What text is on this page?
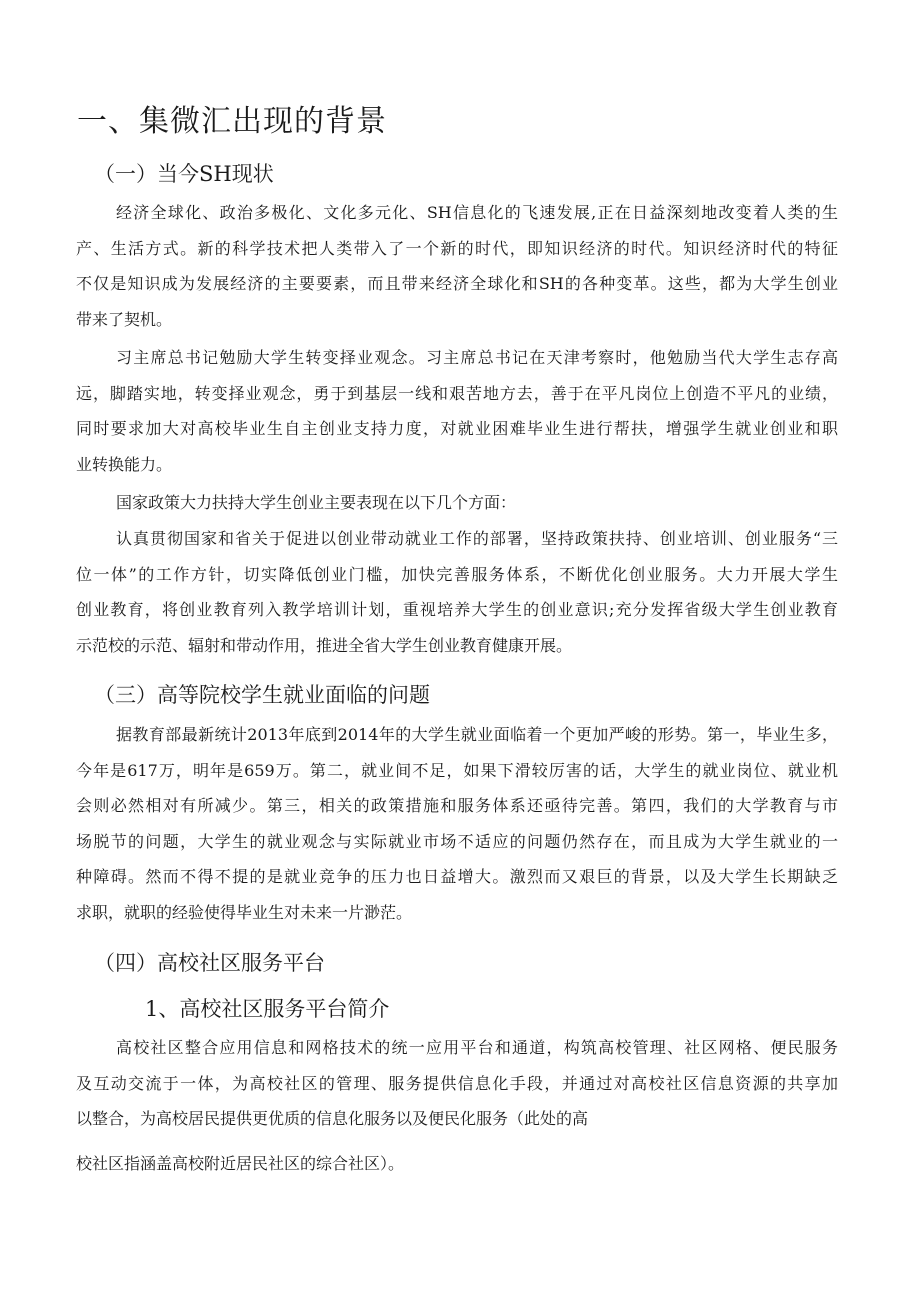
一、集微汇出现的背景
（一）当今SH现状
经济全球化、政治多极化、文化多元化、SH信息化的飞速发展,正在日益深刻地改变着人类的生
产、生活方式。新的科学技术把人类带入了一个新的时代，即知识经济的时代。知识经济时代的特征
不仅是知识成为发展经济的主要要素，而且带来经济全球化和SH的各种变革。这些，都为大学生创业
带来了契机。
习主席总书记勉励大学生转变择业观念。习主席总书记在天津考察时，他勉励当代大学生志存高
远，脚踏实地，转变择业观念，勇于到基层一线和艰苦地方去，善于在平凡岗位上创造不平凡的业绩，
同时要求加大对高校毕业生自主创业支持力度，对就业困难毕业生进行帮扶，增强学生就业创业和职
业转换能力。
国家政策大力扶持大学生创业主要表现在以下几个方面：
认真贯彻国家和省关于促进以创业带动就业工作的部署，坚持政策扶持、创业培训、创业服务“三
位一体”的工作方针，切实降低创业门槛，加快完善服务体系，不断优化创业服务。大力开展大学生
创业教育，将创业教育列入教学培训计划，重视培养大学生的创业意识;充分发挥省级大学生创业教育
示范校的示范、辐射和带动作用，推进全省大学生创业教育健康开展。
（三）高等院校学生就业面临的问题
据教育部最新统计2013年底到2014年的大学生就业面临着一个更加严峻的形势。第一，毕业生多，
今年是617万，明年是659万。第二，就业间不足，如果下滑较厉害的话，大学生的就业岗位、就业机
会则必然相对有所减少。第三，相关的政策措施和服务体系还亟待完善。第四，我们的大学教育与市
场脱节的问题，大学生的就业观念与实际就业市场不适应的问题仍然存在，而且成为大学生就业的一
种障碍。然而不得不提的是就业竞争的压力也日益增大。激烈而又艰巨的背景，以及大学生长期缺乏
求职，就职的经验使得毕业生对未来一片渺茫。
（四）高校社区服务平台
1、高校社区服务平台简介
高校社区整合应用信息和网格技术的统一应用平台和通道，构筑高校管理、社区网格、便民服务
及互动交流于一体，为高校社区的管理、服务提供信息化手段，并通过对高校社区信息资源的共享加
以整合，为高校居民提供更优质的信息化服务以及便民化服务（此处的高
校社区指涵盖高校附近居民社区的综合社区）。
